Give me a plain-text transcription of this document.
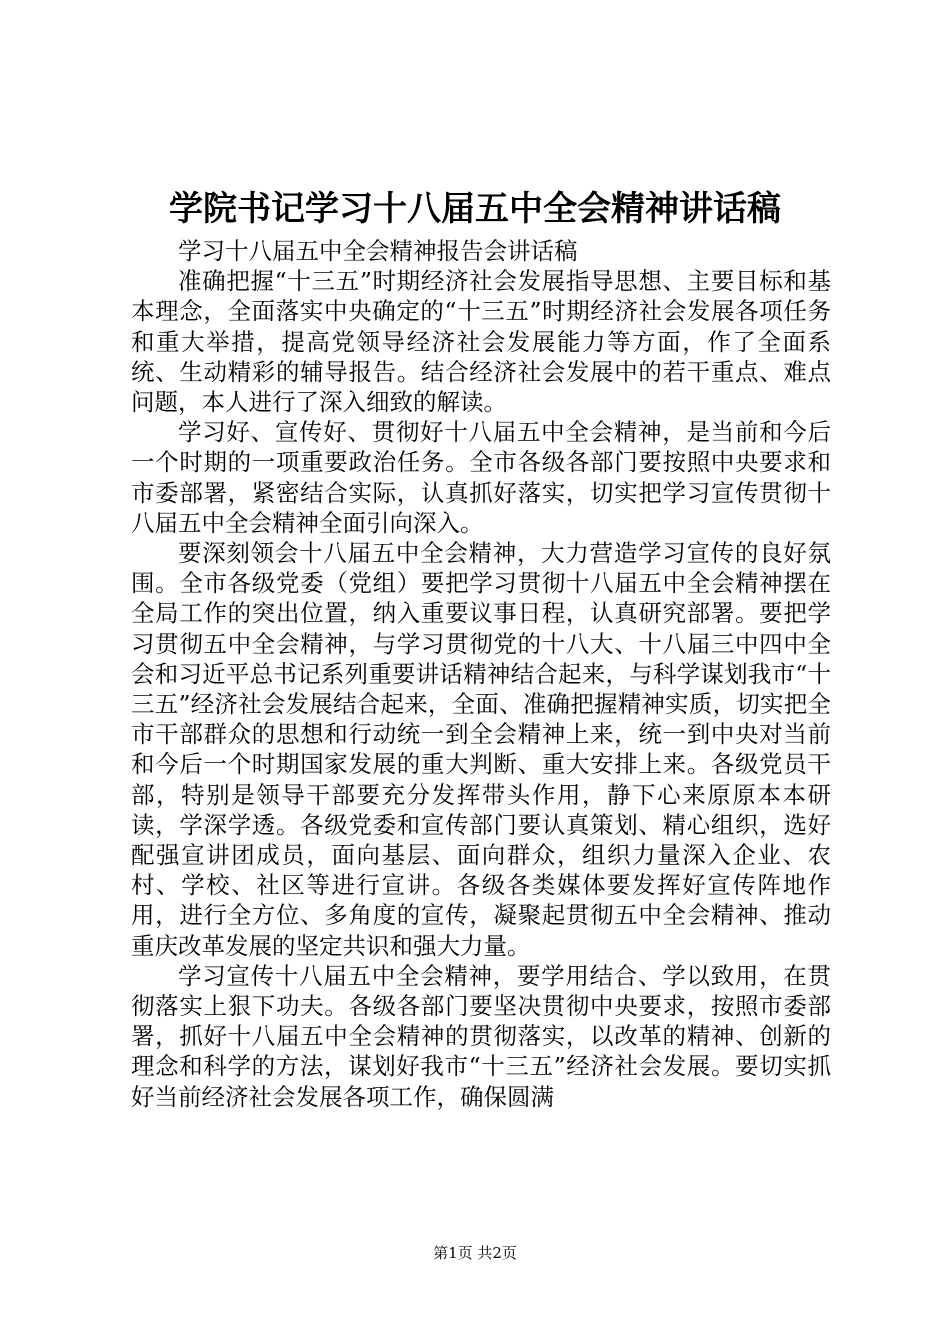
学院书记学习十八届五中全会精神讲话稿

学习十八届五中全会精神报告会讲话稿

准确把握“十三五”时期经济社会发展指导思想、主要目标和基本理念，全面落实中央确定的“十三五”时期经济社会发展各项任务和重大举措，提高党领导经济社会发展能力等方面，作了全面系统、生动精彩的辅导报告。结合经济社会发展中的若干重点、难点问题，本人进行了深入细致的解读。

学习好、宣传好、贯彻好十八届五中全会精神，是当前和今后一个时期的一项重要政治任务。全市各级各部门要按照中央要求和市委部署，紧密结合实际，认真抓好落实，切实把学习宣传贯彻十八届五中全会精神全面引向深入。

要深刻领会十八届五中全会精神，大力营造学习宣传的良好氛围。全市各级党委（党组）要把学习贯彻十八届五中全会精神摆在全局工作的突出位置，纳入重要议事日程，认真研究部署。要把学习贯彻五中全会精神，与学习贯彻党的十八大、十八届三中四中全会和习近平总书记系列重要讲话精神结合起来，与科学谋划我市“十三五”经济社会发展结合起来，全面、准确把握精神实质，切实把全市干部群众的思想和行动统一到全会精神上来，统一到中央对当前和今后一个时期国家发展的重大判断、重大安排上来。各级党员干部，特别是领导干部要充分发挥带头作用，静下心来原原本本研读，学深学透。各级党委和宣传部门要认真策划、精心组织，选好配强宣讲团成员，面向基层、面向群众，组织力量深入企业、农村、学校、社区等进行宣讲。各级各类媒体要发挥好宣传阵地作用，进行全方位、多角度的宣传，凝聚起贯彻五中全会精神、推动重庆改革发展的坚定共识和强大力量。

学习宣传十八届五中全会精神，要学用结合、学以致用，在贯彻落实上狠下功夫。各级各部门要坚决贯彻中央要求，按照市委部署，抓好十八届五中全会精神的贯彻落实，以改革的精神、创新的理念和科学的方法，谋划好我市“十三五”经济社会发展。要切实抓好当前经济社会发展各项工作，确保圆满

第1页 共2页
